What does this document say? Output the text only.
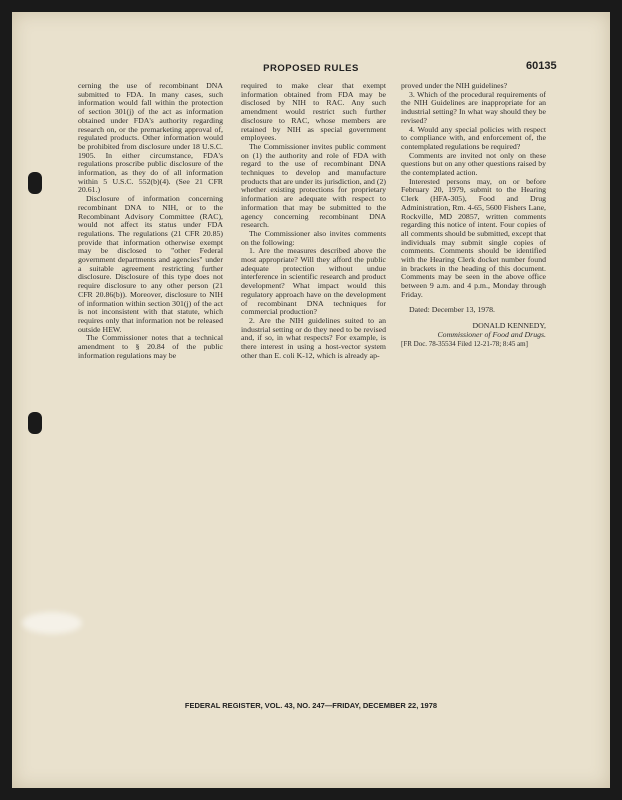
PROPOSED RULES	60135

cerning the use of recombinant DNA submitted to FDA. In many cases, such information would fall within the protection of section 301(j) of the act as information obtained under FDA's authority regarding research on, or the premarketing approval of, regulated products. Other information would be prohibited from disclosure under 18 U.S.C. 1905. In either circumstance, FDA's regulations proscribe public disclosure of the information, as they do of all information within 5 U.S.C. 552(b)(4). (See 21 CFR 20.61.)

Disclosure of information concerning recombinant DNA to NIH, or to the Recombinant Advisory Committee (RAC), would not affect its status under FDA regulations. The regulations (21 CFR 20.85) provide that information otherwise exempt may be disclosed to "other Federal government departments and agencies" under a suitable agreement restricting further disclosure. Disclosure of this type does not require disclosure to any other person (21 CFR 20.86(b)). Moreover, disclosure to NIH of information within section 301(j) of the act is not inconsistent with that statute, which requires only that information not be released outside HEW.

The Commissioner notes that a technical amendment to § 20.84 of the public information regulations may be

required to make clear that exempt information obtained from FDA may be disclosed by NIH to RAC. Any such amendment would restrict such further disclosure to RAC, whose members are retained by NIH as special government employees.

The Commissioner invites public comment on (1) the authority and role of FDA with regard to the use of recombinant DNA techniques to develop and manufacture products that are under its jurisdiction, and (2) whether existing protections for proprietary information are adequate with respect to information that may be submitted to the agency concerning recombinant DNA research.

The Commissioner also invites comments on the following:

1. Are the measures described above the most appropriate? Will they afford the public adequate protection without undue interference in scientific research and product development? What impact would this regulatory approach have on the development of recombinant DNA techniques for commercial production?

2. Are the NIH guidelines suited to an industrial setting or do they need to be revised and, if so, in what respects? For example, is there interest in using a host-vector system other than E. coli K-12, which is already ap-

proved under the NIH guidelines?

3. Which of the procedural requirements of the NIH Guidelines are inappropriate for an industrial setting? In what way should they be revised?

4. Would any special policies with respect to compliance with, and enforcement of, the contemplated regulations be required?

Comments are invited not only on these questions but on any other questions raised by the contemplated action.

Interested persons may, on or before February 20, 1979, submit to the Hearing Clerk (HFA-305), Food and Drug Administration, Rm. 4-65, 5600 Fishers Lane, Rockville, MD 20857, written comments regarding this notice of intent. Four copies of all comments should be submitted, except that individuals may submit single copies of comments. Comments should be identified with the Hearing Clerk docket number found in brackets in the heading of this document. Comments may be seen in the above office between 9 a.m. and 4 p.m., Monday through Friday.

Dated: December 13, 1978.

DONALD KENNEDY,
Commissioner of Food and Drugs.

[FR Doc. 78-35534 Filed 12-21-78; 8:45 am]

FEDERAL REGISTER, VOL. 43, NO. 247—FRIDAY, DECEMBER 22, 1978
